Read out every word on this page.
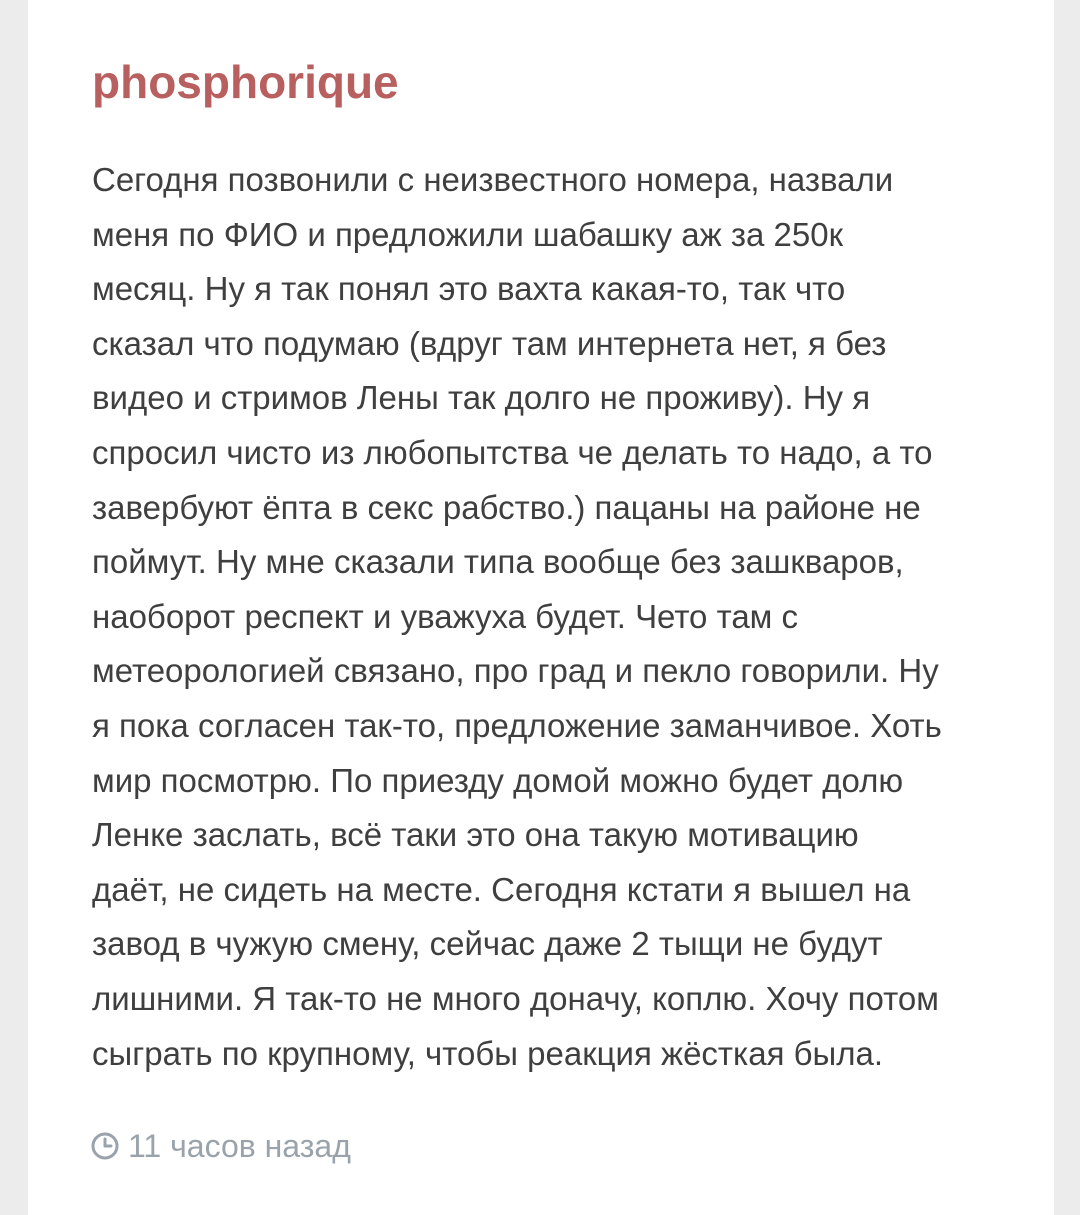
phosphorique
Сегодня позвонили с неизвестного номера, назвали
меня по ФИО и предложили шабашку аж за 250к
месяц. Ну я так понял это вахта какая-то, так что
сказал что подумаю (вдруг там интернета нет, я без
видео и стримов Лены так долго не проживу). Ну я
спросил чисто из любопытства че делать то надо, а то
завербуют ёпта в секс рабство.) пацаны на районе не
поймут. Ну мне сказали типа вообще без зашкваров,
наоборот респект и уважуха будет. Чето там с
метеорологией связано, про град и пекло говорили. Ну
я пока согласен так-то, предложение заманчивое. Хоть
мир посмотрю. По приезду домой можно будет долю
Ленке заслать, всё таки это она такую мотивацию
даёт, не сидеть на месте. Сегодня кстати я вышел на
завод в чужую смену, сейчас даже 2 тыщи не будут
лишними. Я так-то не много доначу, коплю. Хочу потом
сыграть по крупному, чтобы реакция жёсткая была.
11 часов назад
